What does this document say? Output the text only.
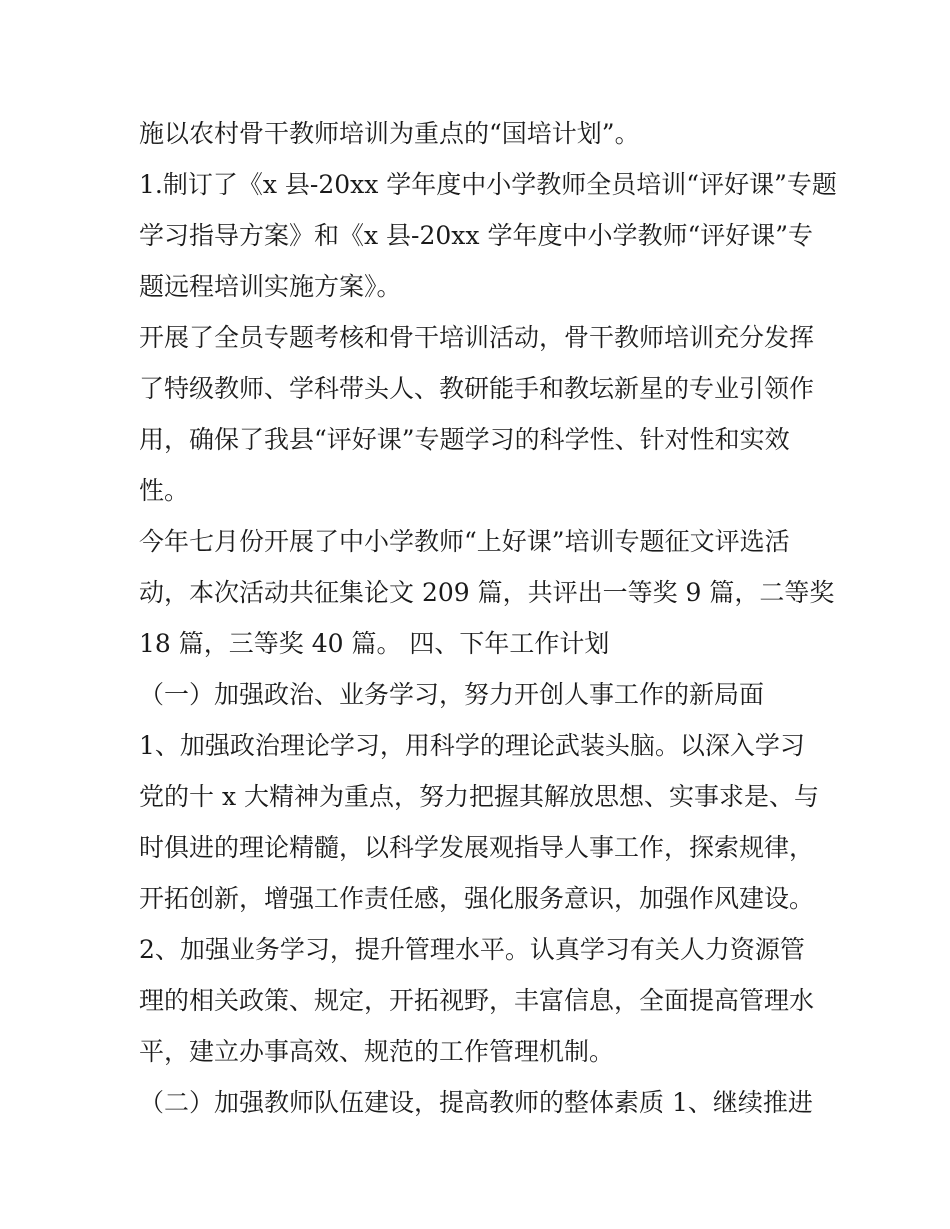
施以农村骨干教师培训为重点的“国培计划”。

1.制订了《x 县-20xx 学年度中小学教师全员培训“评好课”专题

学习指导方案》和《x 县-20xx 学年度中小学教师“评好课”专

题远程培训实施方案》。

开展了全员专题考核和骨干培训活动，骨干教师培训充分发挥

了特级教师、学科带头人、教研能手和教坛新星的专业引领作

用，确保了我县“评好课”专题学习的科学性、针对性和实效

性。

今年七月份开展了中小学教师“上好课”培训专题征文评选活

动，本次活动共征集论文 209 篇，共评出一等奖 9 篇，二等奖

18 篇，三等奖 40 篇。 四、下年工作计划

（一）加强政治、业务学习，努力开创人事工作的新局面

1、加强政治理论学习，用科学的理论武装头脑。以深入学习

党的十 x 大精神为重点，努力把握其解放思想、实事求是、与

时俱进的理论精髓，以科学发展观指导人事工作，探索规律，

开拓创新，增强工作责任感，强化服务意识，加强作风建设。

2、加强业务学习，提升管理水平。认真学习有关人力资源管

理的相关政策、规定，开拓视野，丰富信息，全面提高管理水

平，建立办事高效、规范的工作管理机制。

（二）加强教师队伍建设，提高教师的整体素质 1、继续推进
